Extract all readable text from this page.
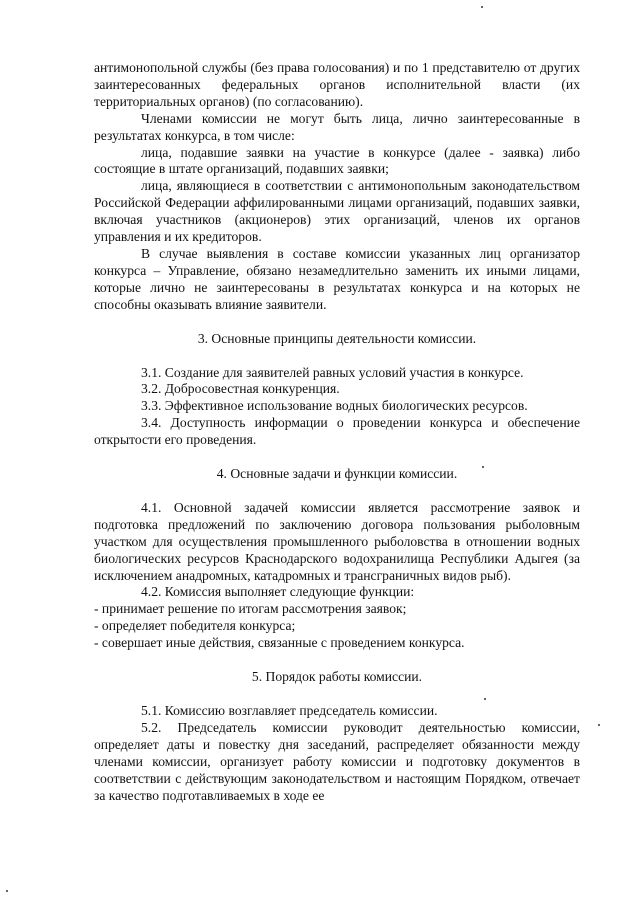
антимонопольной службы (без права голосования) и по 1 представителю от других заинтересованных федеральных органов исполнительной власти (их территориальных органов) (по согласованию).

Членами комиссии не могут быть лица, лично заинтересованные в результатах конкурса, в том числе:

лица, подавшие заявки на участие в конкурсе (далее - заявка) либо состоящие в штате организаций, подавших заявки;

лица, являющиеся в соответствии с антимонопольным законодательством Российской Федерации аффилированными лицами организаций, подавших заявки, включая участников (акционеров) этих организаций, членов их органов управления и их кредиторов.

В случае выявления в составе комиссии указанных лиц организатор конкурса – Управление, обязано незамедлительно заменить их иными лицами, которые лично не заинтересованы в результатах конкурса и на которых не способны оказывать влияние заявители.

3. Основные принципы деятельности комиссии.

3.1. Создание для заявителей равных условий участия в конкурсе.

3.2. Добросовестная конкуренция.

3.3. Эффективное использование водных биологических ресурсов.

3.4. Доступность информации о проведении конкурса и обеспечение открытости его проведения.

4. Основные задачи и функции комиссии.

4.1. Основной задачей комиссии является рассмотрение заявок и подготовка предложений по заключению договора пользования рыболовным участком для осуществления промышленного рыболовства в отношении водных биологических ресурсов Краснодарского водохранилища Республики Адыгея (за исключением анадромных, катадромных и трансграничных видов рыб).

4.2. Комиссия выполняет следующие функции:

- принимает решение по итогам рассмотрения заявок;

- определяет победителя конкурса;

- совершает иные действия, связанные с проведением конкурса.

5. Порядок работы комиссии.

5.1. Комиссию возглавляет председатель комиссии.

5.2. Председатель комиссии руководит деятельностью комиссии, определяет даты и повестку дня заседаний, распределяет обязанности между членами комиссии, организует работу комиссии и подготовку документов в соответствии с действующим законодательством и настоящим Порядком, отвечает за качество подготавливаемых в ходе ее
